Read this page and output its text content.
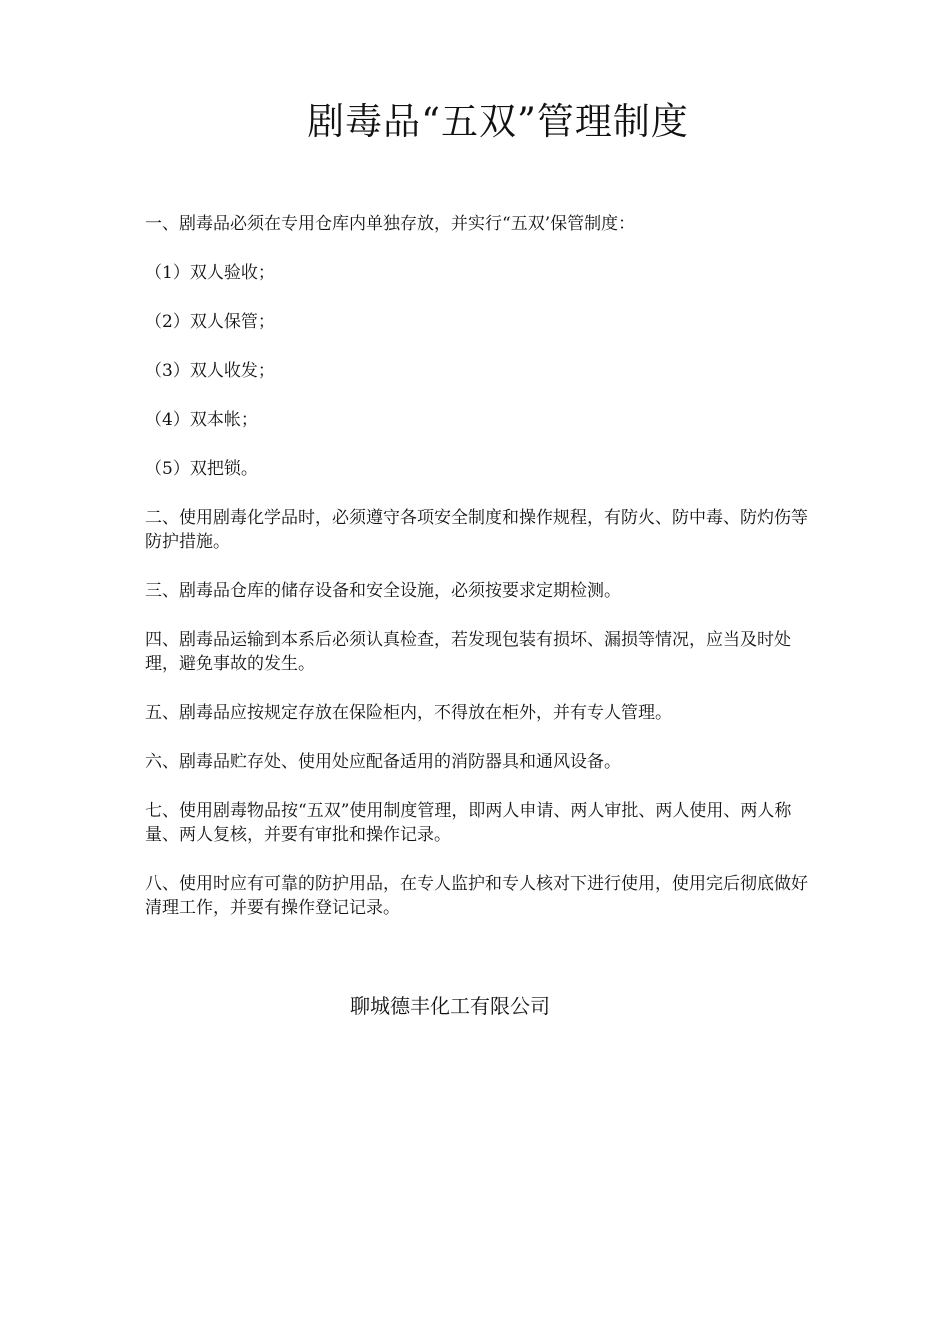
剧毒品“五双”管理制度

一、剧毒品必须在专用仓库内单独存放，并实行“五双’保管制度：

（1）双人验收；

（2）双人保管；

（3）双人收发；

（4）双本帐；

（5）双把锁。

二、使用剧毒化学品时，必须遵守各项安全制度和操作规程，有防火、防中毒、防灼伤等防护措施。

三、剧毒品仓库的储存设备和安全设施，必须按要求定期检测。

四、剧毒品运输到本系后必须认真检查，若发现包装有损坏、漏损等情况，应当及时处理，避免事故的发生。

五、剧毒品应按规定存放在保险柜内，不得放在柜外，并有专人管理。

六、剧毒品贮存处、使用处应配备适用的消防器具和通风设备。

七、使用剧毒物品按“五双”使用制度管理，即两人申请、两人审批、两人使用、两人称量、两人复核，并要有审批和操作记录。

八、使用时应有可靠的防护用品，在专人监护和专人核对下进行使用，使用完后彻底做好清理工作，并要有操作登记记录。

聊城德丰化工有限公司
